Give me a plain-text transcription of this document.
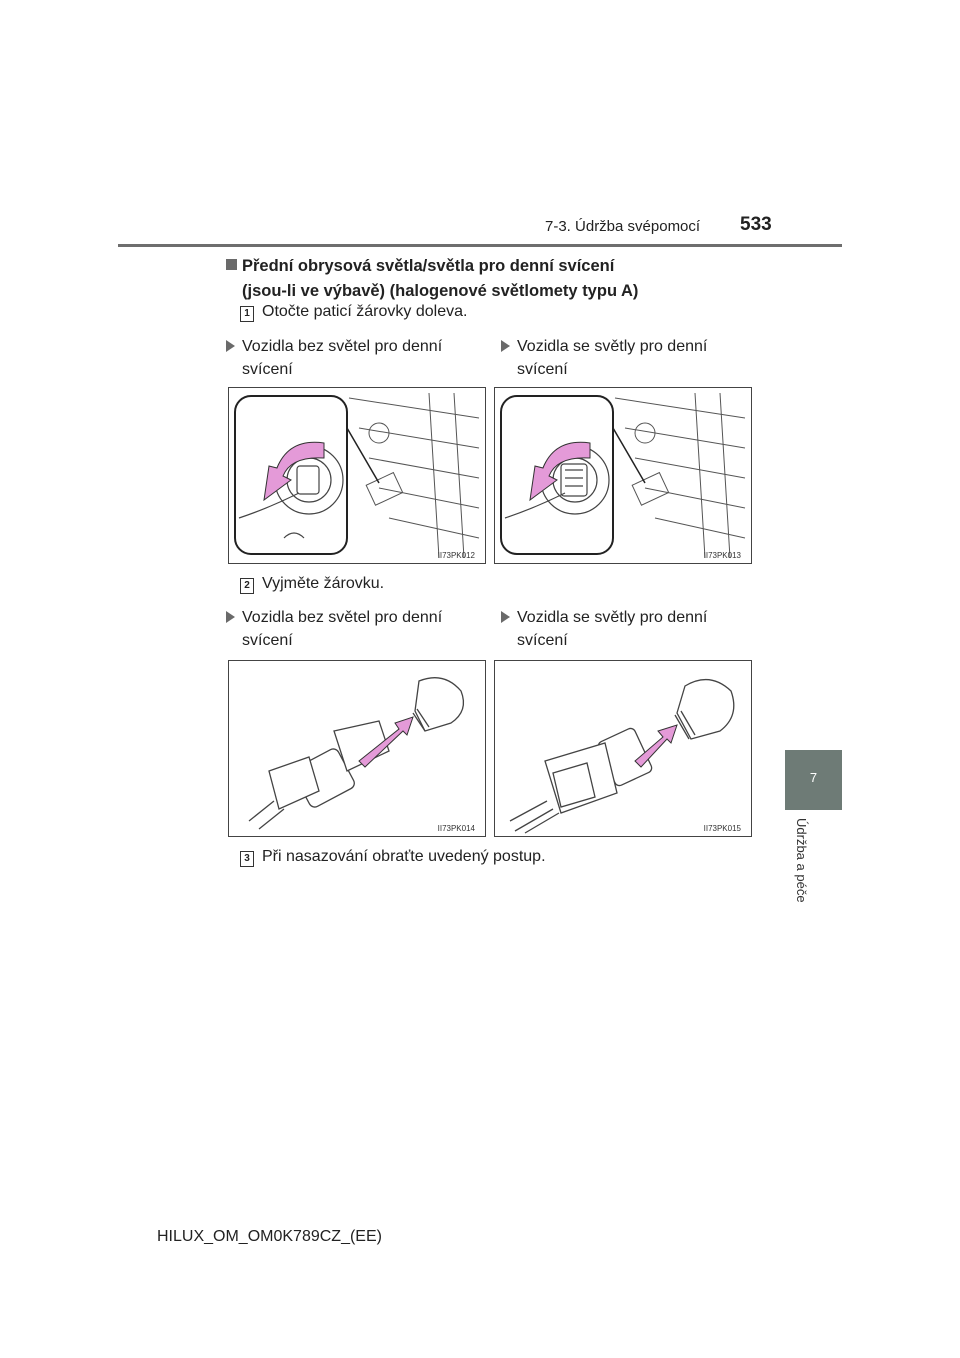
7-3. Údržba svépomocí 533
7
Údržba a péče
Přední obrysová světla/světla pro denní svícení
(jsou-li ve výbavě) (halogenové světlomety typu A)
1 Otočte paticí žárovky doleva.
Vozidla bez světel pro denní
svícení
Vozidla se světly pro denní
svícení
II73PK012	II73PK013
2 Vyjměte žárovku.
Vozidla bez světel pro denní
svícení
Vozidla se světly pro denní
svícení
II73PK014	II73PK015
3 Při nasazování obraťte uvedený postup.
HILUX_OM_OM0K789CZ_(EE)
